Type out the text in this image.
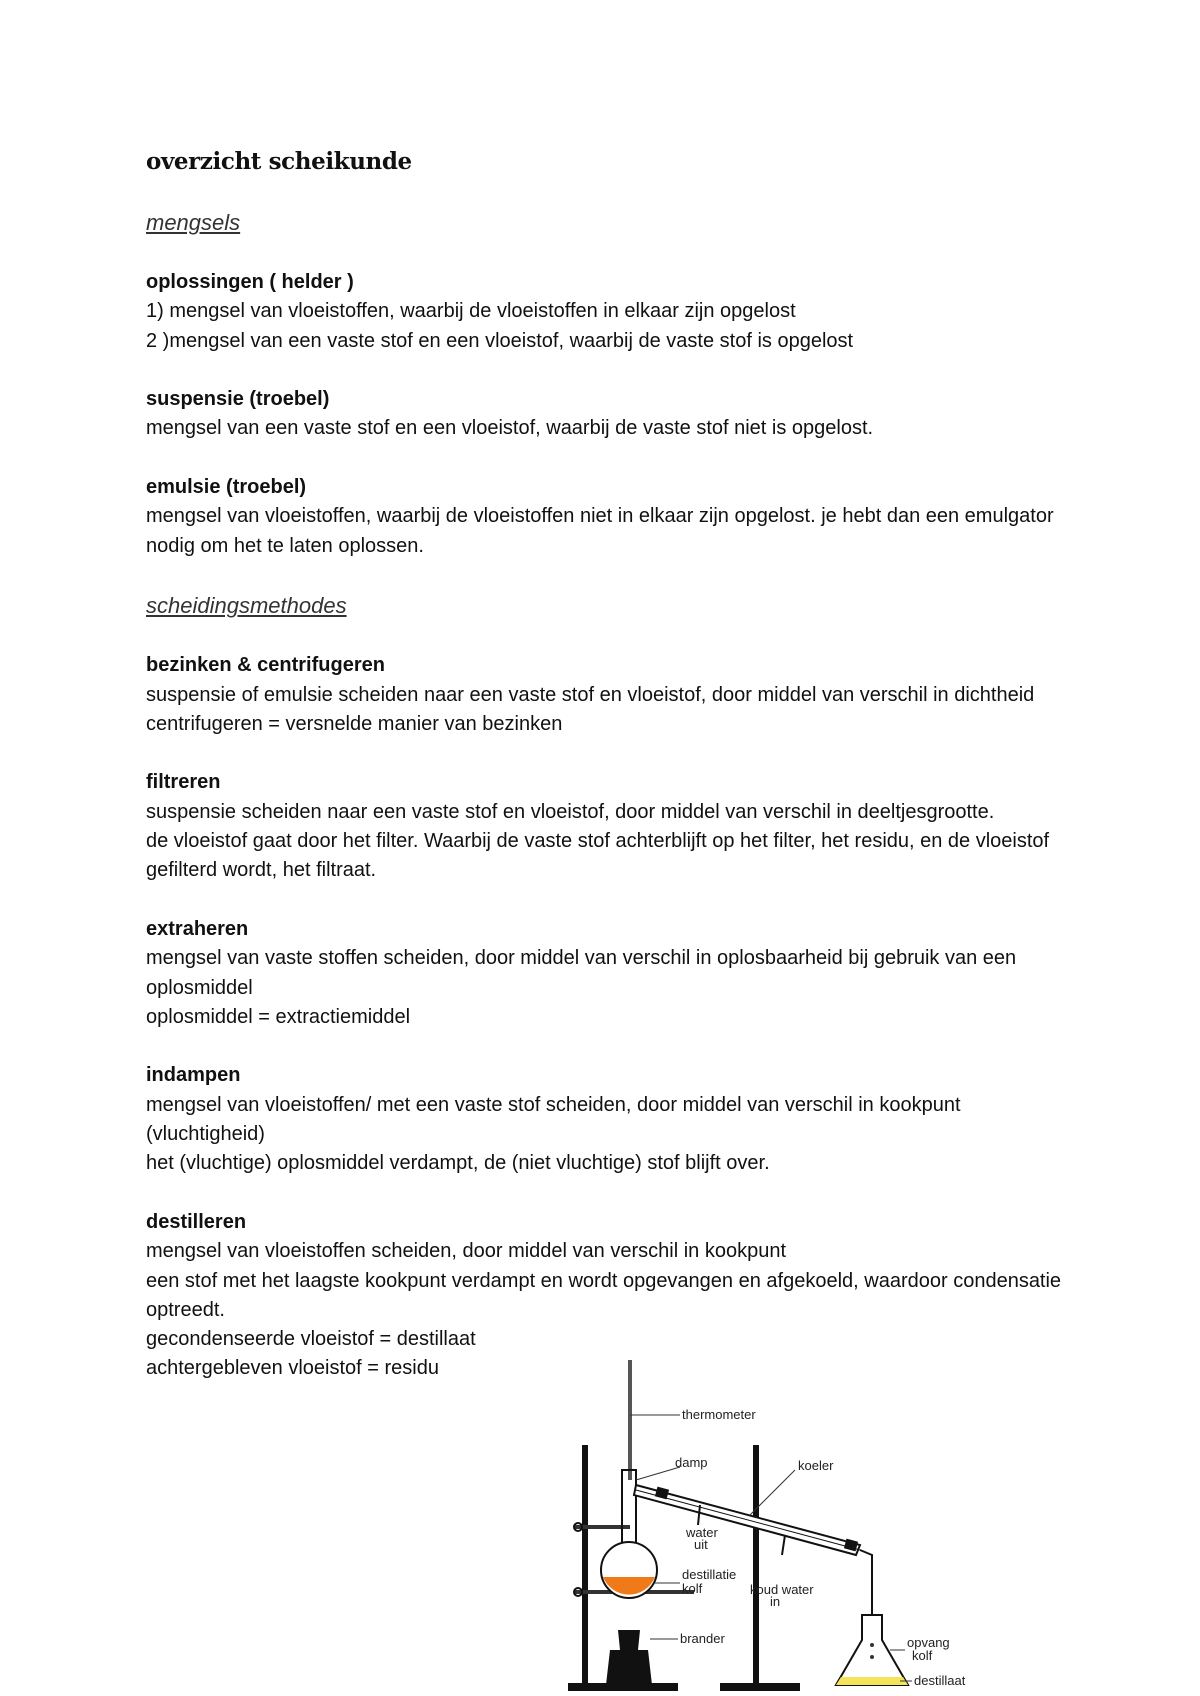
overzicht scheikunde
mengsels

oplossingen ( helder )

1) mengsel van vloeistoffen, waarbij de vloeistoffen in elkaar zijn opgelost

2 )mengsel van een vaste stof en een vloeistof, waarbij de vaste stof is opgelost

suspensie (troebel)

mengsel van een vaste stof en een vloeistof, waarbij de vaste stof niet is opgelost.

emulsie (troebel)

mengsel van vloeistoffen, waarbij de vloeistoffen niet in elkaar zijn opgelost. je hebt dan een emulgator nodig om het te laten oplossen.

scheidingsmethodes

bezinken & centrifugeren

suspensie of emulsie scheiden naar een vaste stof en vloeistof, door middel van verschil in dichtheid

centrifugeren = versnelde manier van bezinken

filtreren

suspensie scheiden naar een vaste stof en vloeistof, door middel van verschil in deeltjesgrootte.

de vloeistof gaat door het filter. Waarbij de vaste stof achterblijft op het filter, het residu, en de vloeistof gefilterd wordt, het filtraat.

extraheren

mengsel van vaste stoffen scheiden, door middel van verschil in oplosbaarheid bij gebruik van een oplosmiddel

oplosmiddel = extractiemiddel

indampen

mengsel van vloeistoffen/ met een vaste stof scheiden, door middel van verschil in kookpunt (vluchtigheid)

het (vluchtige) oplosmiddel verdampt, de (niet vluchtige) stof blijft over.

destilleren

mengsel van vloeistoffen scheiden, door middel van verschil in kookpunt

een stof met het laagste kookpunt verdampt en wordt opgevangen en afgekoeld, waardoor condensatie optreedt.

gecondenseerde vloeistof = destillaat

achtergebleven vloeistof = residu

thermometer
destillatie
kolf
damp	koeler
water
uit
koud water
in
opvang
kolf
destillaat
brander
